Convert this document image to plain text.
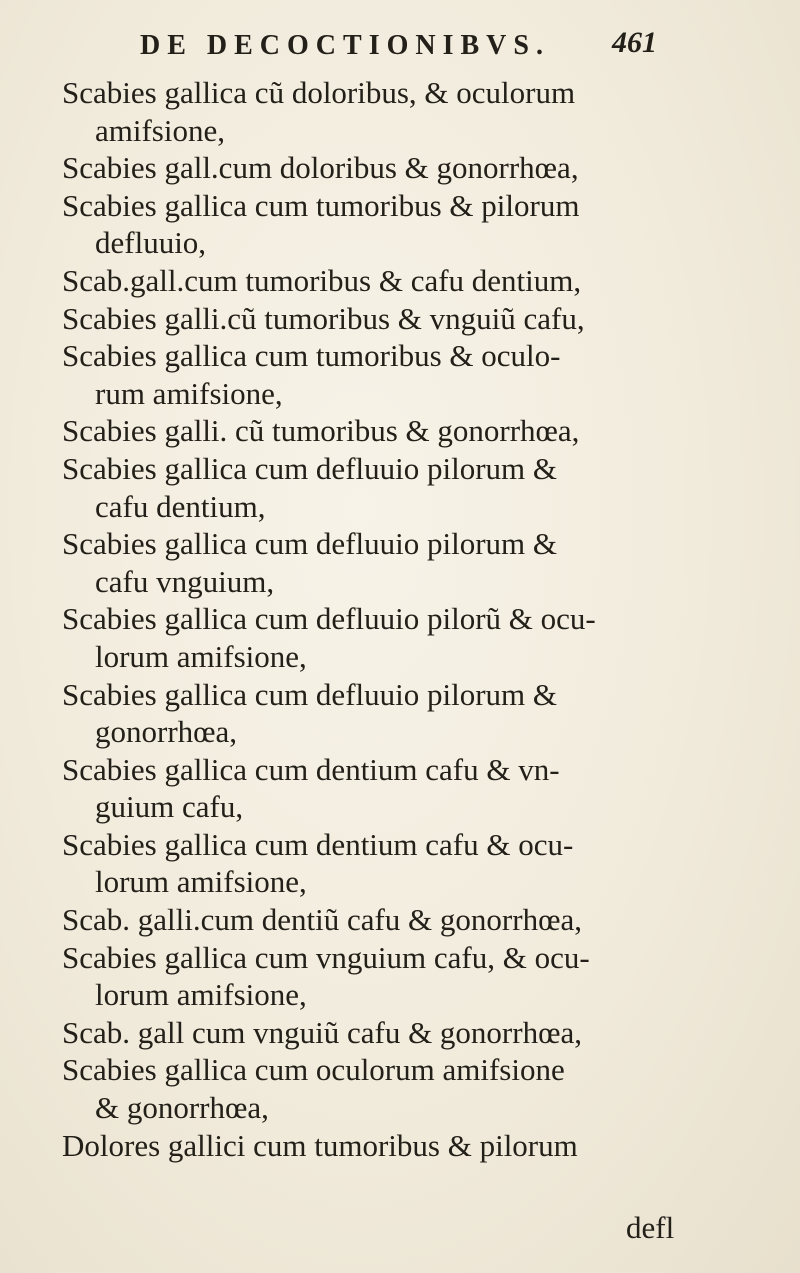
DE DECOCTIONIBVS. 461
Scabies gallica cũ doloribus, & oculorum
amifsione,
Scabies gall.cum doloribus & gonorrhœa,
Scabies gallica cum tumoribus & pilorum
defluuio,
Scab.gall.cum tumoribus & cafu dentium,
Scabies galli.cũ tumoribus & vnguiũ cafu,
Scabies gallica cum tumoribus & oculo-
rum amifsione,
Scabies galli. cũ tumoribus & gonorrhœa,
Scabies gallica cum defluuio pilorum &
cafu dentium,
Scabies gallica cum defluuio pilorum &
cafu vnguium,
Scabies gallica cum defluuio pilorũ & ocu-
lorum amifsione,
Scabies gallica cum defluuio pilorum &
gonorrhœa,
Scabies gallica cum dentium cafu & vn-
guium cafu,
Scabies gallica cum dentium cafu & ocu-
lorum amifsione,
Scab. galli.cum dentiũ cafu & gonorrhœa,
Scabies gallica cum vnguium cafu, & ocu-
lorum amifsione,
Scab. gall cum vnguiũ cafu & gonorrhœa,
Scabies gallica cum oculorum amifsione
& gonorrhœa,
Dolores gallici cum tumoribus & pilorum
defl
